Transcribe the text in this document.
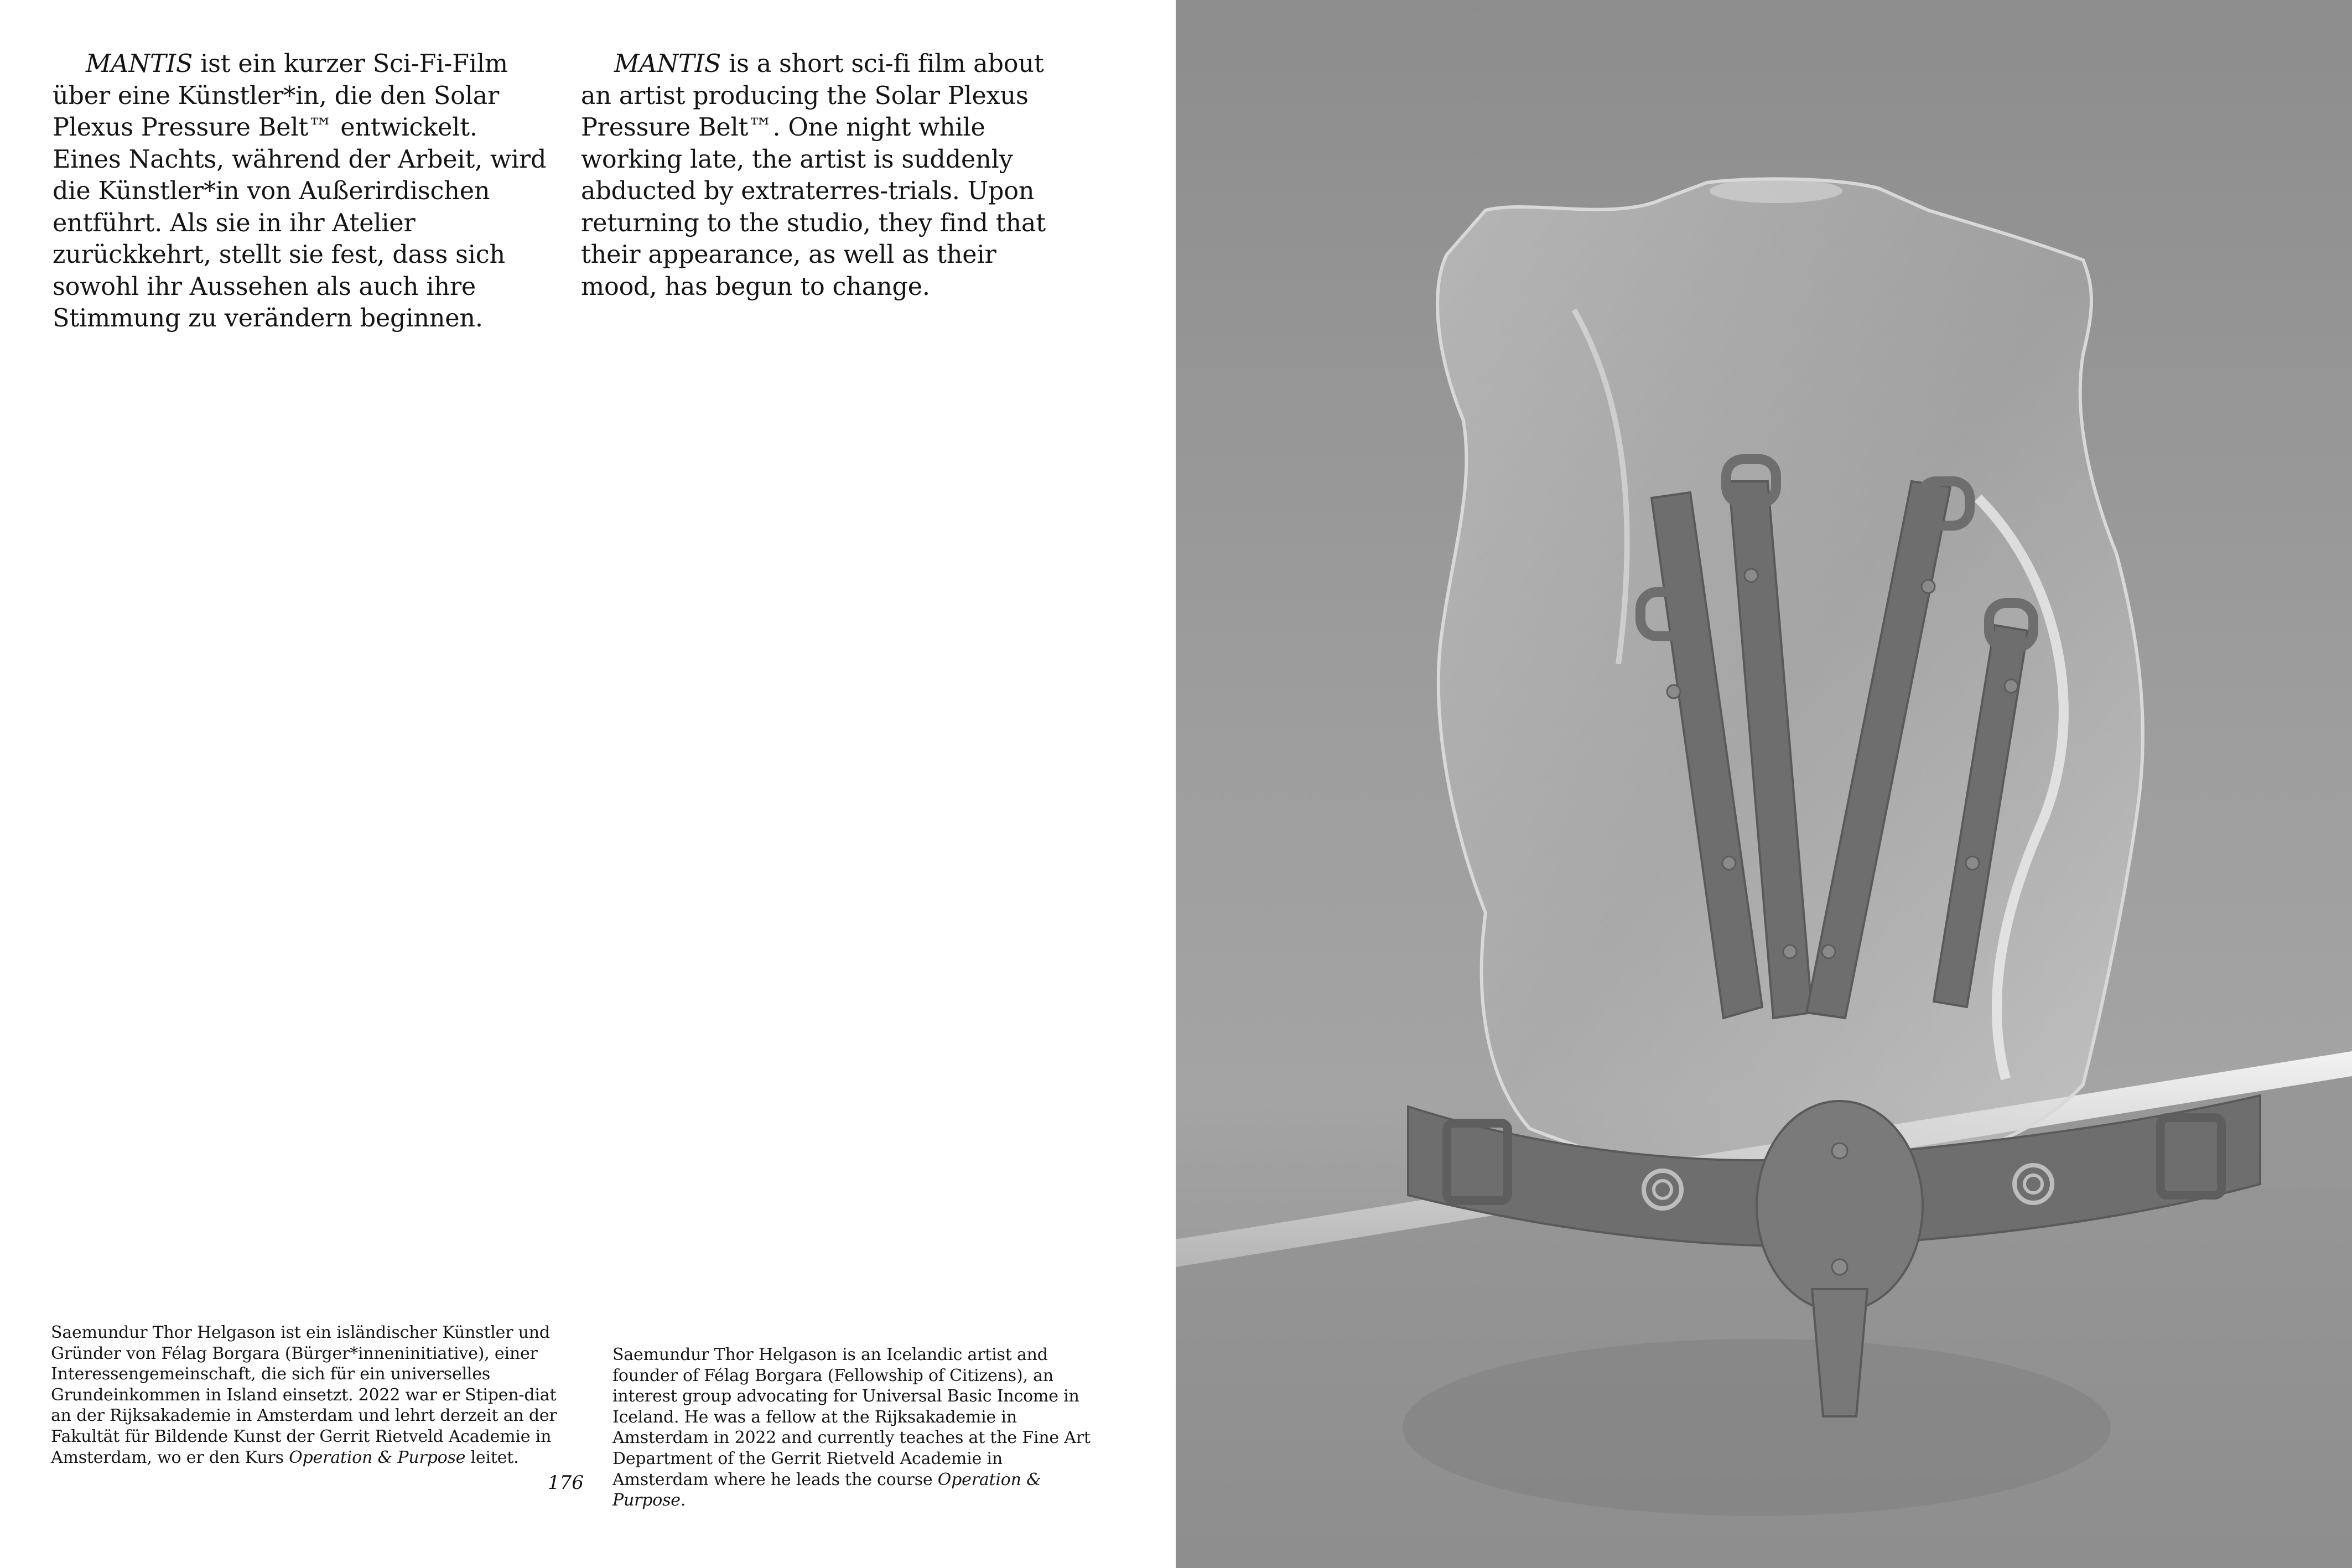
MANTIS ist ein kurzer Sci-Fi-Film über eine Künstler*in, die den Solar Plexus Pressure Belt™ entwickelt. Eines Nachts, während der Arbeit, wird die Künstler*in von Außerirdischen entführt. Als sie in ihr Atelier zurückkehrt, stellt sie fest, dass sich sowohl ihr Aussehen als auch ihre Stimmung zu verändern beginnen.

MANTIS is a short sci-fi film about an artist producing the Solar Plexus Pressure Belt™. One night while working late, the artist is suddenly abducted by extraterres-trials. Upon returning to the studio, they find that their appearance, as well as their mood, has begun to change.

Saemundur Thor Helgason ist ein isländischer Künstler und Gründer von Félag Borgara (Bürger*inneninitiative), einer Interessengemeinschaft, die sich für ein universelles Grundeinkommen in Island einsetzt. 2022 war er Stipen-diat an der Rijksakademie in Amsterdam und lehrt derzeit an der Fakultät für Bildende Kunst der Gerrit Rietveld Academie in Amsterdam, wo er den Kurs Operation & Purpose leitet.
176
Saemundur Thor Helgason is an Icelandic artist and founder of Félag Borgara (Fellowship of Citizens), an interest group advocating for Universal Basic Income in Iceland. He was a fellow at the Rijksakademie in Amsterdam in 2022 and currently teaches at the Fine Art Department of the Gerrit Rietveld Academie in Amsterdam where he leads the course Operation & Purpose.
